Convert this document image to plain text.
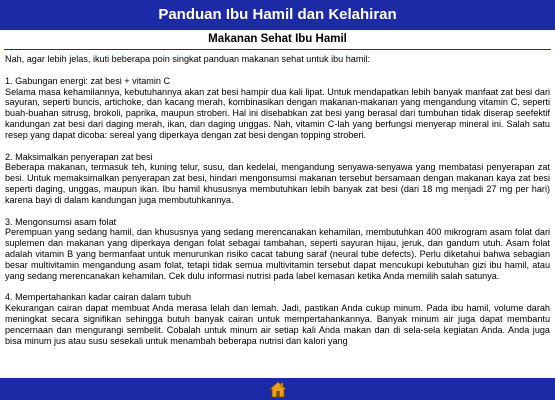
Panduan Ibu Hamil dan Kelahiran
Makanan Sehat Ibu Hamil

Nah, agar lebih jelas, ikuti beberapa poin singkat panduan makanan sehat untuk ibu hamil:

1. Gabungan energi: zat besi + vitamin C

Selama masa kehamilannya, kebutuhannya akan zat besi hampir dua kali lipat. Untuk mendapatkan lebih banyak manfaat zat besi dari sayuran, seperti buncis, artichoke, dan kacang merah, kombinasikan dengan makanan-makanan yang mengandung vitamin C, seperti buah-buahan sitrusg, brokoli, paprika, maupun stroberi. Hal ini disebabkan zat besi yang berasal dari tumbuhan tidak diserap seefektif kandungan zat besi dari daging merah, ikan, dan daging unggas. Nah, vitamin C-lah yang berfungsi menyerap mineral ini. Salah satu resep yang dapat dicoba: sereal yang diperkaya dengan zat besi dengan topping stroberi.

2. Maksimalkan penyerapan zat besi

Beberapa makanan, termasuk teh, kuning telur, susu, dan kedelai, mengandung senyawa-senyawa yang membatasi penyerapan zat besi. Untuk memaksimalkan penyerapan zat besi, hindari mengonsumsi makanan tersebut bersamaan dengan makanan kaya zat besi seperti daging, unggas, maupun ikan. Ibu hamil khususnya membutuhkan lebih banyak zat besi (dari 18 mg menjadi 27 mg per hari) karena bayi di dalam kandungan juga membutuhkannya.

3. Mengonsumsi asam folat

Perempuan yang sedang hamil, dan khususnya yang sedang merencanakan kehamilan, membutuhkan 400 mikrogram asam folat dari suplemen dan makanan yang diperkaya dengan folat sebagai tambahan, seperti sayuran hijau, jeruk, dan gandum utuh. Asam folat adalah vitamin B yang bermanfaat untuk menurunkan risiko cacat tabung saraf (neural tube defects). Perlu diketahui bahwa sebagian besar multivitamin mengandung asam folat, tetapi tidak semua multivitamin tersebut dapat mencukupi kebutuhan gizi ibu hamil, atau yang sedang merencanakan kehamilan. Cek dulu informasi nutrisi pada label kemasan ketika Anda memilih salah satunya.

4. Mempertahankan kadar cairan dalam tubuh

Kekurangan cairan dapat membuat Anda merasa lelah dan lemah. Jadi, pastikan Anda cukup minum. Pada ibu hamil, volume darah meningkat secara signifikan sehingga butuh banyak cairan untuk mempertahankannya. Banyak minum air juga dapat membantu pencernaan dan mengurangi sembelit. Cobalah untuk minum air setiap kali Anda makan dan di sela-sela kegiatan Anda. Anda juga bisa minum jus atau susu sesekali untuk menambah beberapa nutrisi dan kalori yang
